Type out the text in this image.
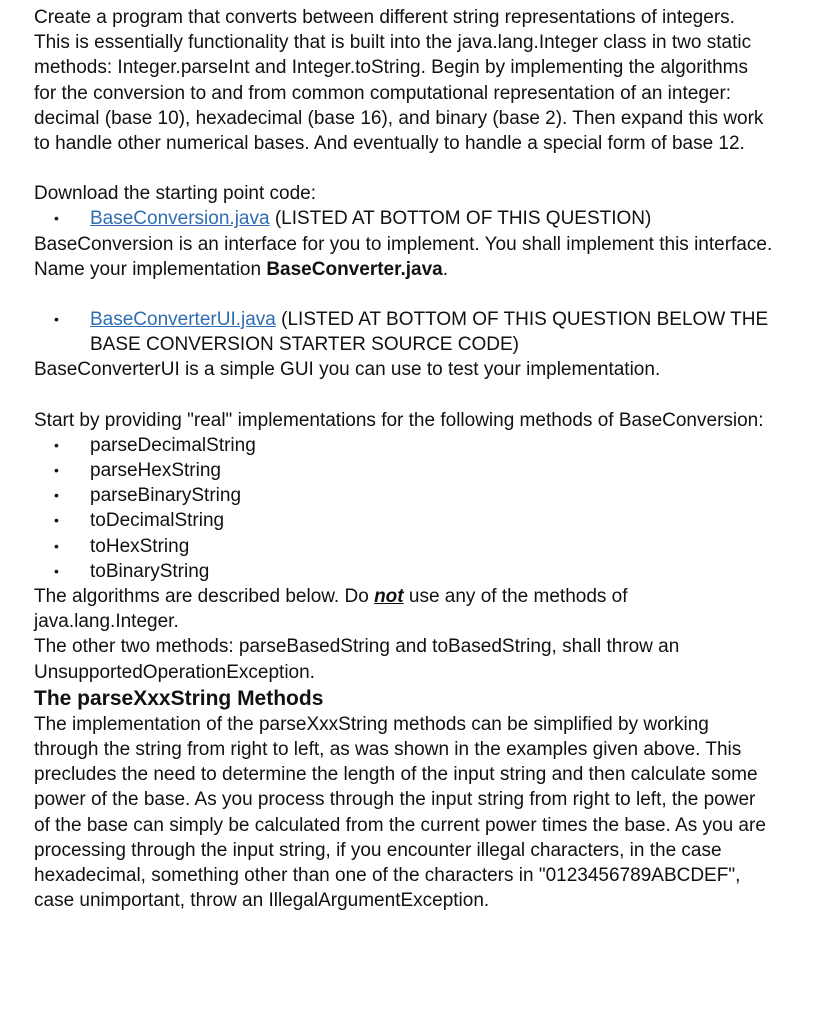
Create a program that converts between different string representations of integers. This is essentially functionality that is built into the java.lang.Integer class in two static methods: Integer.parseInt and Integer.toString. Begin by implementing the algorithms for the conversion to and from common computational representation of an integer: decimal (base 10), hexadecimal (base 16), and binary (base 2). Then expand this work to handle other numerical bases. And eventually to handle a special form of base 12.

Download the starting point code:

• BaseConversion.java (LISTED AT BOTTOM OF THIS QUESTION)

BaseConversion is an interface for you to implement. You shall implement this interface. Name your implementation BaseConverter.java.

• BaseConverterUI.java (LISTED AT BOTTOM OF THIS QUESTION BELOW THE BASE CONVERSION STARTER SOURCE CODE)

BaseConverterUI is a simple GUI you can use to test your implementation.

Start by providing "real" implementations for the following methods of BaseConversion:

• parseDecimalString
• parseHexString
• parseBinaryString
• toDecimalString
• toHexString
• toBinaryString

The algorithms are described below. Do not use any of the methods of java.lang.Integer.

The other two methods: parseBasedString and toBasedString, shall throw an UnsupportedOperationException.

The parseXxxString Methods

The implementation of the parseXxxString methods can be simplified by working through the string from right to left, as was shown in the examples given above. This precludes the need to determine the length of the input string and then calculate some power of the base. As you process through the input string from right to left, the power of the base can simply be calculated from the current power times the base. As you are processing through the input string, if you encounter illegal characters, in the case hexadecimal, something other than one of the characters in "0123456789ABCDEF", case unimportant, throw an IllegalArgumentException.
